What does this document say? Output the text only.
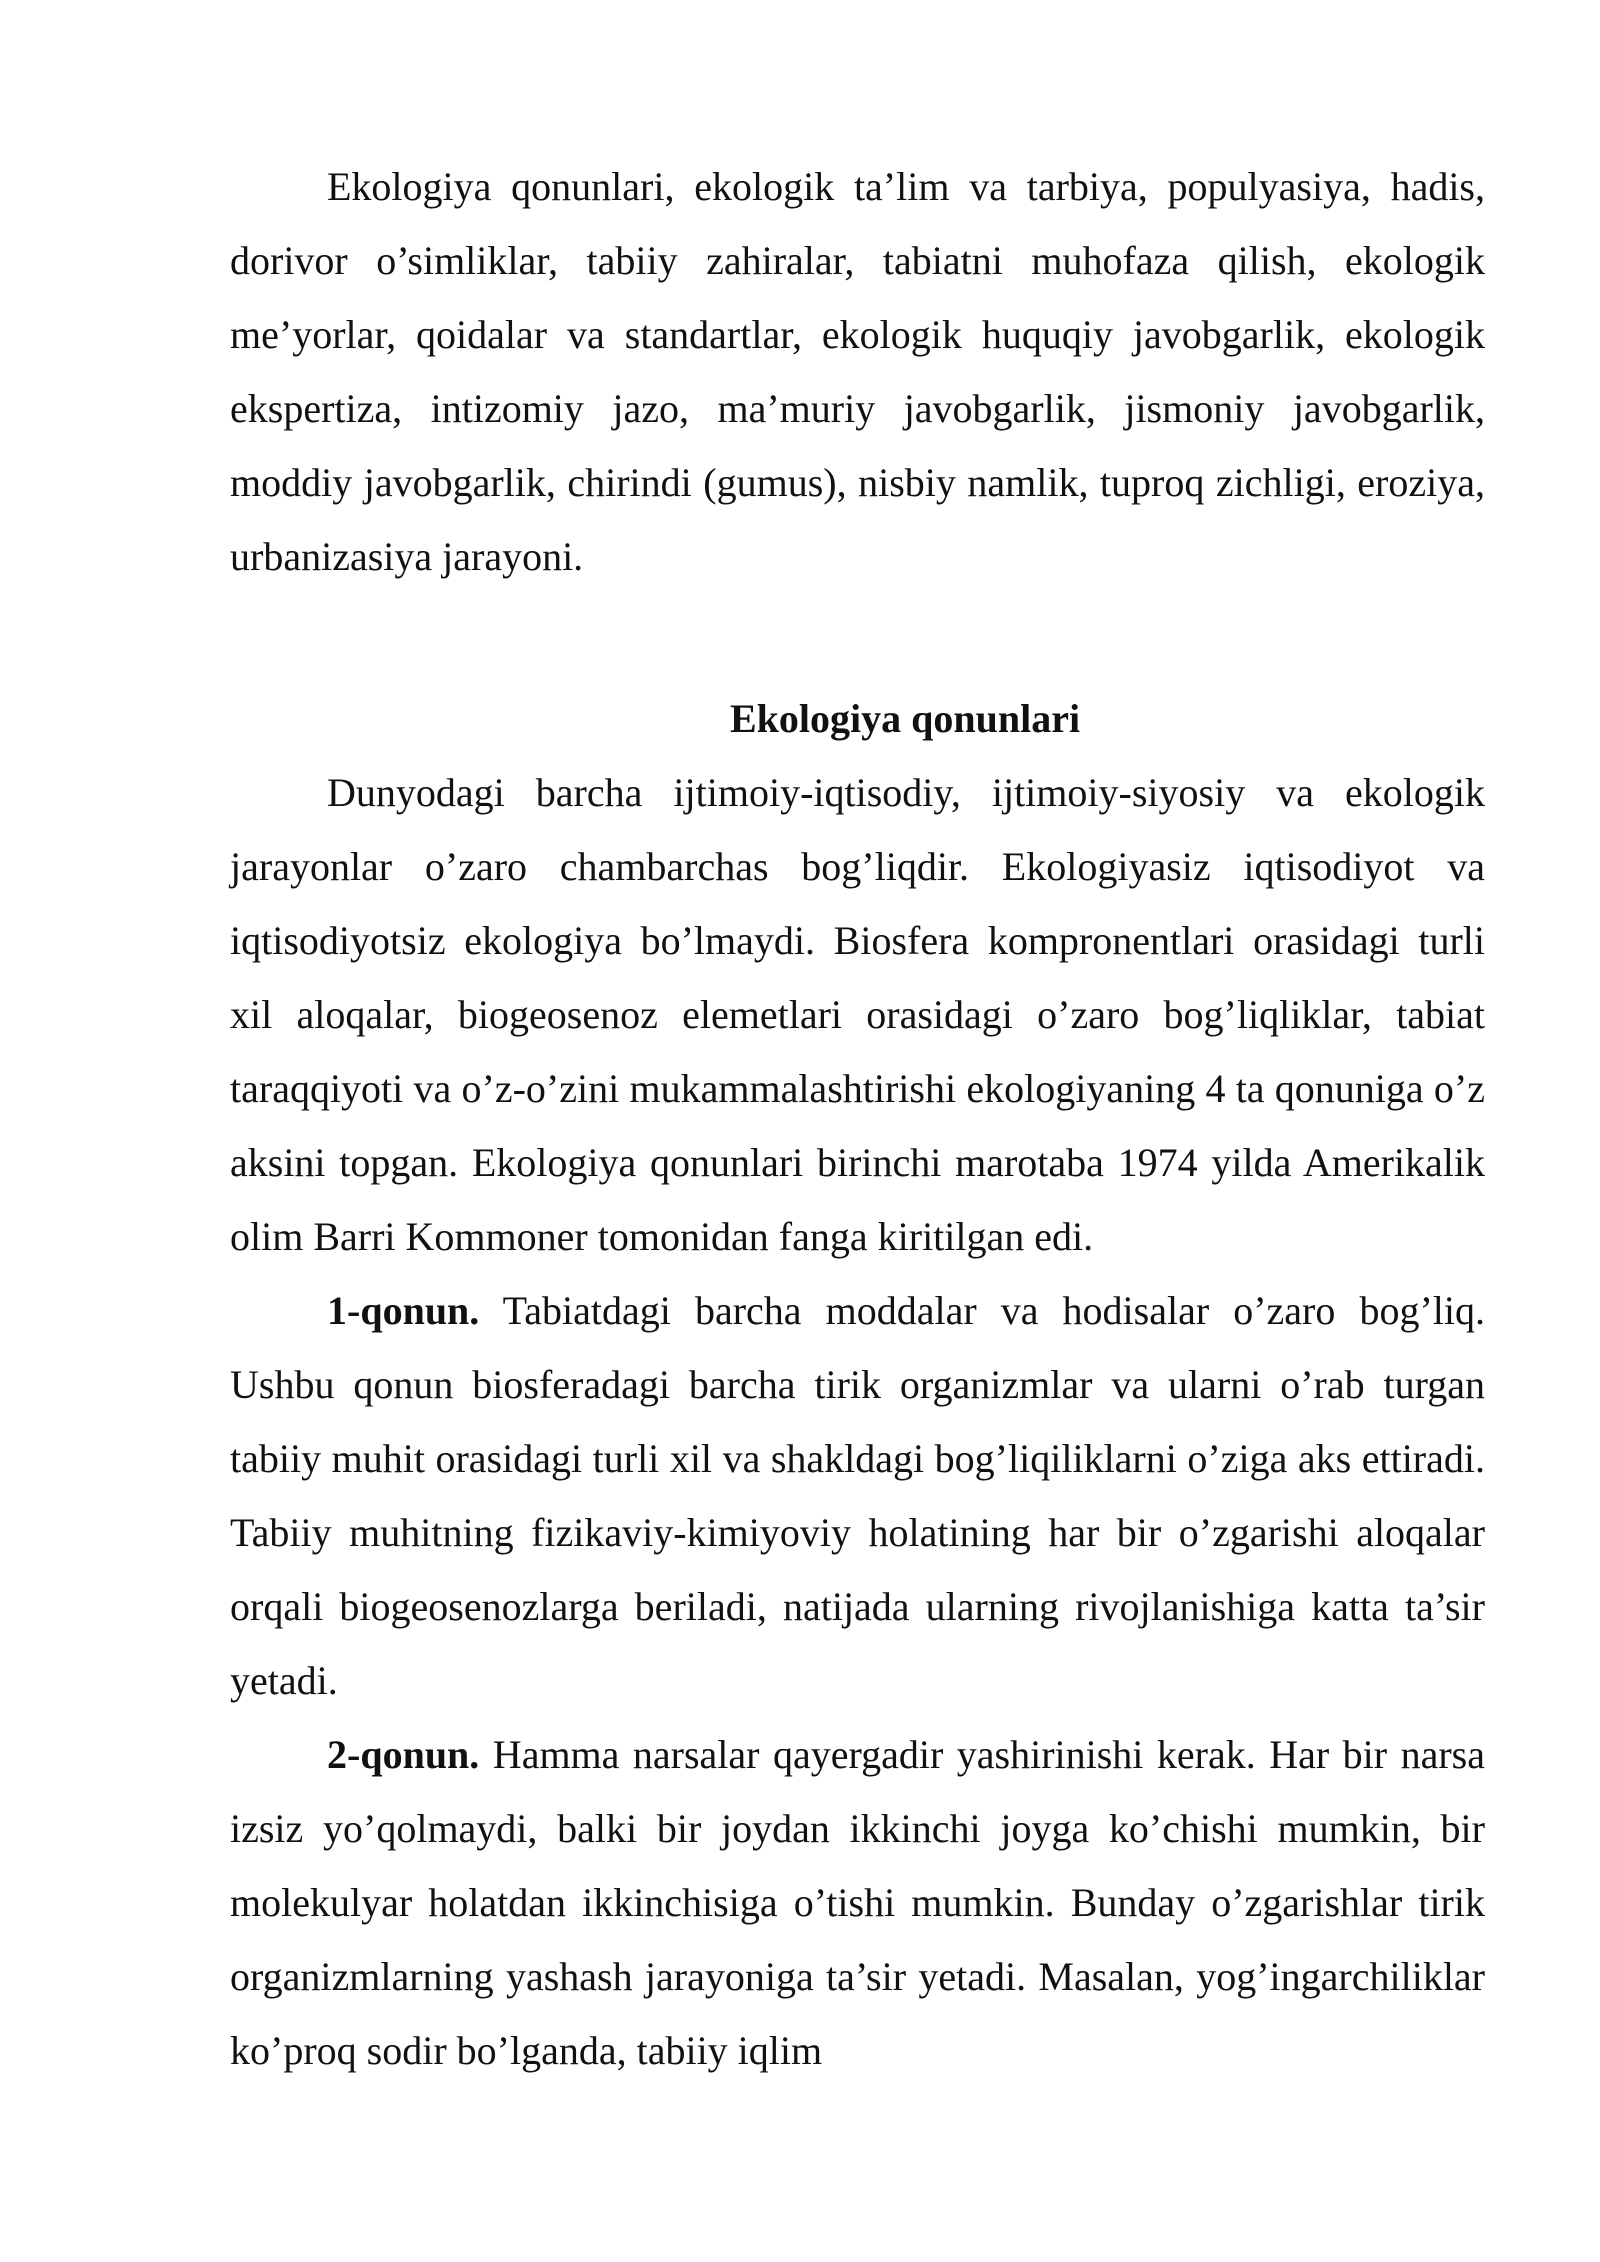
Ekologiya qonunlari, ekologik ta’lim va tarbiya, populyasiya, hadis, dorivor o’simliklar, tabiiy zahiralar, tabiatni muhofaza qilish, ekologik me’yorlar, qoidalar va standartlar, ekologik huquqiy javobgarlik, ekologik ekspertiza, intizomiy jazo, ma’muriy javobgarlik, jismoniy javobgarlik, moddiy javobgarlik, chirindi (gumus), nisbiy namlik, tuproq zichligi, eroziya, urbanizasiya jarayoni.

Ekologiya qonunlari

Dunyodagi barcha ijtimoiy-iqtisodiy, ijtimoiy-siyosiy va ekologik jarayonlar o’zaro chambarchas bog’liqdir. Ekologiyasiz iqtisodiyot va iqtisodiyotsiz ekologiya bo’lmaydi. Biosfera kompronentlari orasidagi turli xil aloqalar, biogeosenoz elemetlari orasidagi o’zaro bog’liqliklar, tabiat taraqqiyoti va o’z-o’zini mukammalashtirishi ekologiyaning 4 ta qonuniga o’z aksini topgan. Ekologiya qonunlari birinchi marotaba 1974 yilda Amerikalik olim Barri Kommoner tomonidan fanga kiritilgan edi.

1-qonun. Tabiatdagi barcha moddalar va hodisalar o’zaro bog’liq. Ushbu qonun biosferadagi barcha tirik organizmlar va ularni o’rab turgan tabiiy muhit orasidagi turli xil va shakldagi bog’liqiliklarni o’ziga aks ettiradi. Tabiiy muhitning fizikaviy-kimiyoviy holatining har bir o’zgarishi aloqalar orqali biogeosenozlarga beriladi, natijada ularning rivojlanishiga katta ta’sir yetadi.

2-qonun. Hamma narsalar qayergadir yashirinishi kerak. Har bir narsa izsiz yo’qolmaydi, balki bir joydan ikkinchi joyga ko’chishi mumkin, bir molekulyar holatdan ikkinchisiga o’tishi mumkin. Bunday o’zgarishlar tirik organizmlarning yashash jarayoniga ta’sir yetadi. Masalan, yog’ingarchiliklar ko’proq sodir bo’lganda, tabiiy iqlim
